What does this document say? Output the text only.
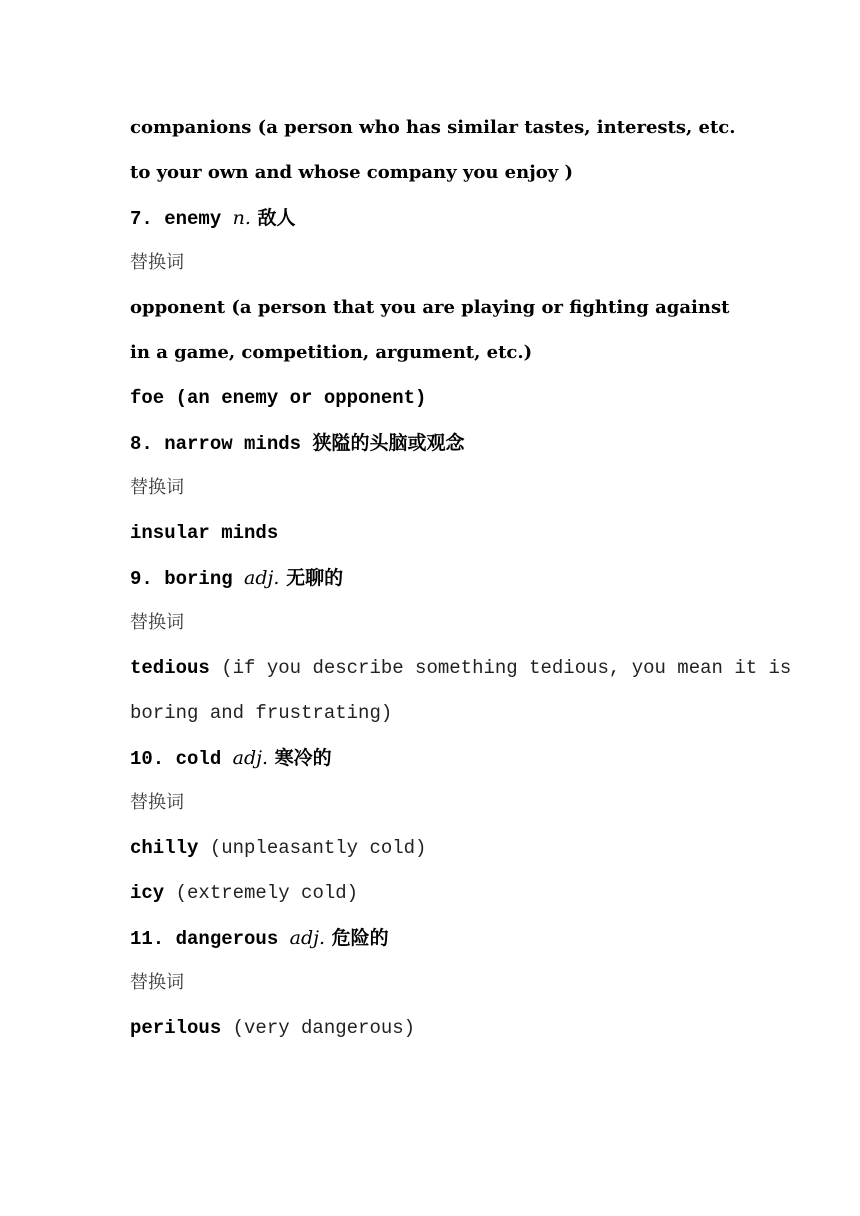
companions (a person who has similar tastes, interests, etc.
to your own and whose company you enjoy )
7. enemy n. 敌人
替换词
opponent (a person that you are playing or fighting against
in a game, competition, argument, etc.)
foe (an enemy or opponent)
8. narrow minds 狭隘的头脑或观念
替换词
insular minds
9. boring adj. 无聊的
替换词
tedious (if you describe something tedious, you mean it is
boring and frustrating)
10. cold adj. 寒冷的
替换词
chilly (unpleasantly cold)
icy (extremely cold)
11. dangerous adj. 危险的
替换词
perilous (very dangerous)
